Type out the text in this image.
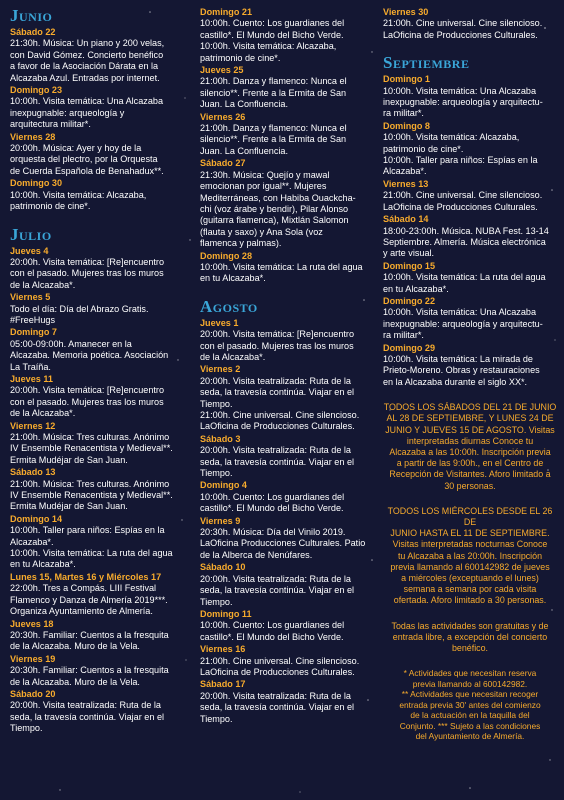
Junio
Sábado 22
21:30h. Música: Un piano y 200 velas,
con David Gómez. Concierto benéfico
a favor de la Asociación Dárata en la
Alcazaba Azul. Entradas por internet.
Domingo 23
10:00h. Visita temática: Una Alcazaba
inexpugnable: arqueología y
arquitectura militar*.
Viernes 28
20:00h. Música: Ayer y hoy de la
orquesta del plectro, por la Orquesta
de Cuerda Española de Benahadux**.
Domingo 30
10:00h. Visita temática: Alcazaba,
patrimonio de cine*.
Julio
Jueves 4
20:00h. Visita temática: [Re]encuentro
con el pasado. Mujeres tras los muros
de la Alcazaba*.
Viernes 5
Todo el día: Día del Abrazo Gratis.
#FreeHugs
Domingo 7
05:00-09:00h. Amanecer en la
Alcazaba. Memoria poética. Asociación
La Traíña.
Jueves 11
20:00h. Visita temática: [Re]encuentro
con el pasado. Mujeres tras los muros
de la Alcazaba*.
Viernes 12
21:00h. Música: Tres culturas. Anónimo
IV Ensemble Renacentista y Medieval**.
Ermita Mudéjar de San Juan.
Sábado 13
21:00h. Música: Tres culturas. Anónimo
IV Ensemble Renacentista y Medieval**.
Ermita Mudéjar de San Juan.
Domingo 14
10:00h. Taller para niños: Espías en la
Alcazaba*.
10:00h. Visita temática: La ruta del agua
en tu Alcazaba*.
Lunes 15, Martes 16 y Miércoles 17
22:00h. Tres a Compás. LIII Festival
Flamenco y Danza de Almería 2019***.
Organiza Ayuntamiento de Almería.
Jueves 18
20:30h. Familiar: Cuentos a la fresquita
de la Alcazaba. Muro de la Vela.
Viernes 19
20:30h. Familiar: Cuentos a la fresquita
de la Alcazaba. Muro de la Vela.
Sábado 20
20:00h. Visita teatralizada: Ruta de la
seda, la travesía continúa. Viajar en el
Tiempo.
Domingo 21
10:00h. Cuento: Los guardianes del
castillo*. El Mundo del Bicho Verde.
10:00h. Visita temática: Alcazaba,
patrimonio de cine*.
Jueves 25
21:00h. Danza y flamenco: Nunca el
silencio**. Frente a la Ermita de San
Juan. La Confluencia.
Viernes 26
21:00h. Danza y flamenco: Nunca el
silencio**. Frente a la Ermita de San
Juan. La Confluencia.
Sábado 27
21:30h. Música: Quejío y mawal
emocionan por igual**. Mujeres
Mediterráneas, con Habiba Ouackcha-
chi (voz árabe y bendir), Pilar Alonso
(guitarra flamenca), Mixtlán Salomon
(flauta y saxo) y Ana Sola (voz
flamenca y palmas).
Domingo 28
10:00h. Visita temática: La ruta del agua
en tu Alcazaba*.
Agosto
Jueves 1
20:00h. Visita temática: [Re]encuentro
con el pasado. Mujeres tras los muros
de la Alcazaba*.
Viernes 2
20:00h. Visita teatralizada: Ruta de la
seda, la travesía continúa. Viajar en el
Tiempo.
21:00h. Cine universal. Cine silencioso.
LaOficina de Producciones Culturales.
Sábado 3
20:00h. Visita teatralizada: Ruta de la
seda, la travesía continúa. Viajar en el
Tiempo.
Domingo 4
10:00h. Cuento: Los guardianes del
castillo*. El Mundo del Bicho Verde.
Viernes 9
20:30h. Música: Día del Vinilo 2019.
LaOficina Producciones Culturales. Patio
de la Alberca de Nenúfares.
Sábado 10
20:00h. Visita teatralizada: Ruta de la
seda, la travesía continúa. Viajar en el
Tiempo.
Domingo 11
10:00h. Cuento: Los guardianes del
castillo*. El Mundo del Bicho Verde.
Viernes 16
21:00h. Cine universal. Cine silencioso.
LaOficina de Producciones Culturales.
Sábado 17
20:00h. Visita teatralizada: Ruta de la
seda, la travesía continúa. Viajar en el
Tiempo.
Viernes 30
21:00h. Cine universal. Cine silencioso.
LaOficina de Producciones Culturales.
Septiembre
Domingo 1
10:00h. Visita temática: Una Alcazaba
inexpugnable: arqueología y arquitectu-
ra militar*.
Domingo 8
10:00h. Visita temática: Alcazaba,
patrimonio de cine*.
10:00h. Taller para niños: Espías en la
Alcazaba*.
Viernes 13
21:00h. Cine universal. Cine silencioso.
LaOficina de Producciones Culturales.
Sábado 14
18:00-23:00h. Música. NUBA Fest. 13-14
Septiembre. Almería. Música electrónica
y arte visual.
Domingo 15
10:00h. Visita temática: La ruta del agua
en tu Alcazaba*.
Domingo 22
10:00h. Visita temática: Una Alcazaba
inexpugnable: arqueología y arquitectu-
ra militar*.
Domingo 29
10:00h. Visita temática: La mirada de
Prieto-Moreno. Obras y restauraciones
en la Alcazaba durante el siglo XX*.
TODOS LOS SÁBADOS DEL 21 DE JUNIO
AL 28 DE SEPTIEMBRE, Y LUNES 24 DE
JUNIO Y JUEVES 15 DE AGOSTO. Visitas
interpretadas diurnas Conoce tu
Alcazaba a las 10:00h. Inscripción previa
a partir de las 9:00h., en el Centro de
Recepción de Visitantes. Aforo limitado a
30 personas.
TODOS LOS MIÉRCOLES DESDE EL 26 DE
JUNIO HASTA EL 11 DE SEPTIEMBRE.
Visitas interpretadas nocturnas Conoce
tu Alcazaba a las 20:00h. Inscripción
previa llamando al 600142982 de jueves
a miércoles (exceptuando el lunes)
semana a semana por cada visita
ofertada. Aforo limitado a 30 personas.
Todas las actividades son gratuitas y de
entrada libre, a excepción del concierto
benéfico.
* Actividades que necesitan reserva
previa llamando al 600142982.
** Actividades que necesitan recoger
entrada previa 30' antes del comienzo
de la actuación en la taquilla del
Conjunto. *** Sujeto a las condiciones
del Ayuntamiento de Almería.
